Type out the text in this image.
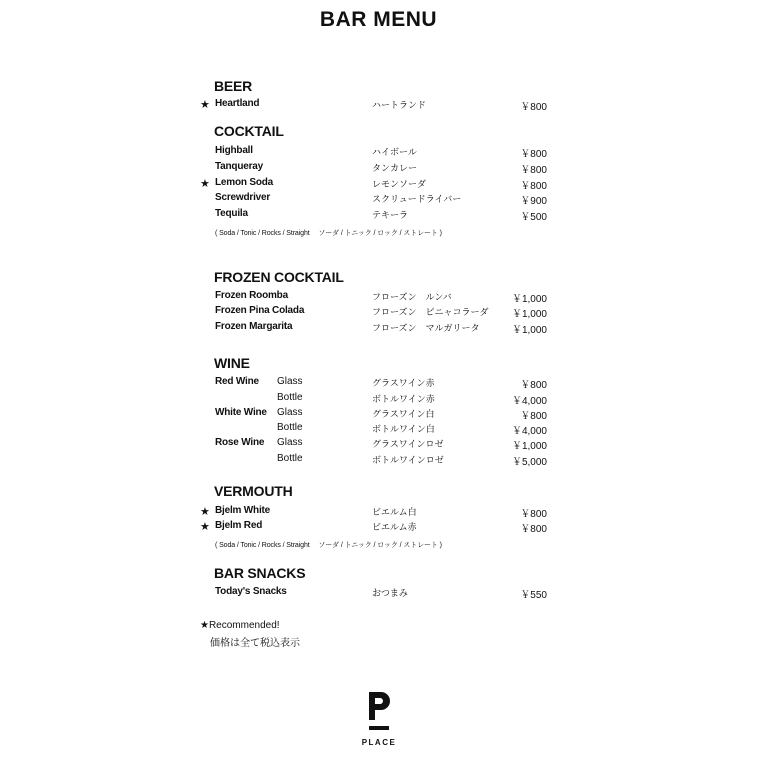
BAR MENU
BEER
★ Heartland	ハートランド	￥800
COCKTAIL
Highball	ハイボール	￥800
Tanqueray	タンカレー	￥800
★ Lemon Soda	レモンソーダ	￥800
Screwdriver	スクリュードライバー	￥900
Tequila	テキーラ	￥500
( Soda / Tonic / Rocks / Straight　 ソーダ / トニック / ロック / ストレート )
FROZEN COCKTAIL
Frozen Roomba	フローズン　ルンバ	￥1,000
Frozen Pina Colada	フローズン　ピニャコラーダ ￥1,000
Frozen Margarita	フローズン　マルガリータ	￥1,000
WINE
Red Wine Glass	グラスワイン赤	￥800
Bottle	ボトルワイン赤	￥4,000
White Wine Glass	グラスワイン白	￥800
Bottle	ボトルワイン白	￥4,000
Rose Wine Glass	グラスワインロゼ	￥1,000
Bottle	ボトルワインロゼ	￥5,000
VERMOUTH
★ Bjelm White	ビエルム白	￥800
★ Bjelm Red	ビエルム赤	￥800
( Soda / Tonic / Rocks / Straight　 ソーダ / トニック / ロック / ストレート )
BAR SNACKS
Today's Snacks	おつまみ	￥550
★Recommended!
価格は全て税込表示
PLACE
